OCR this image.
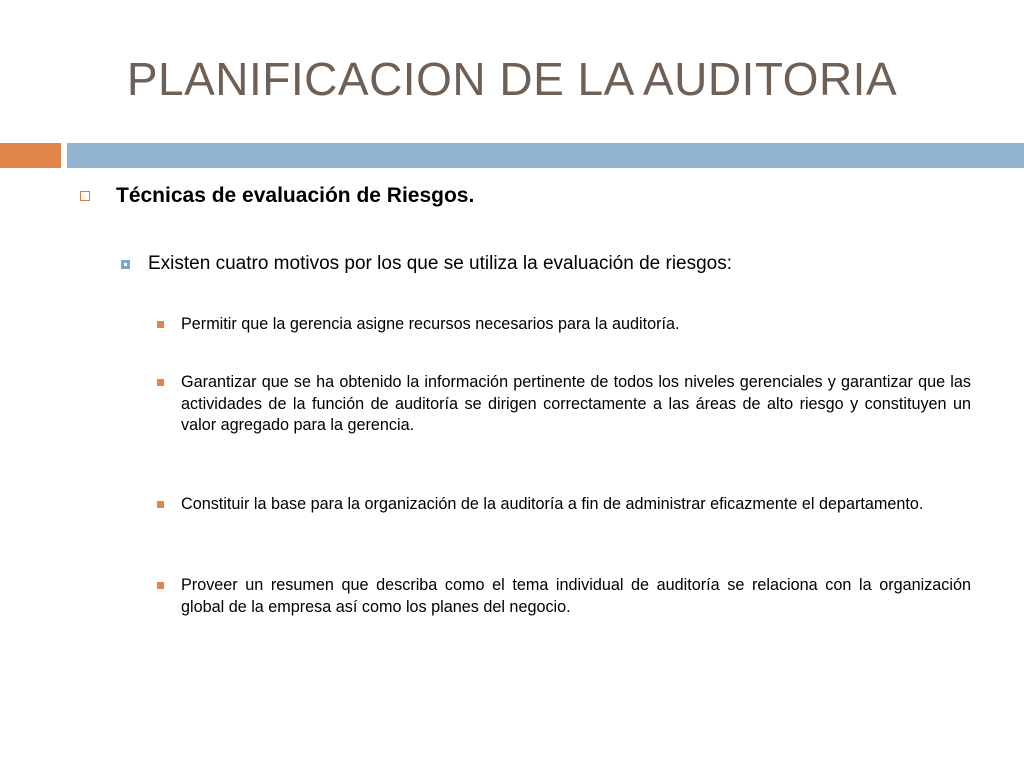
PLANIFICACION DE LA AUDITORIA
Técnicas de evaluación de Riesgos.
Existen cuatro motivos por los que se utiliza la evaluación de riesgos:
Permitir que la gerencia asigne recursos necesarios para la auditoría.
Garantizar que se ha obtenido la información pertinente de todos los niveles gerenciales y garantizar que las actividades de la función de auditoría se dirigen correctamente a las áreas de alto riesgo y constituyen un valor agregado para la gerencia.
Constituir la base para la organización de la auditoría a fin de administrar eficazmente el departamento.
Proveer un resumen que describa como el tema individual de auditoría se relaciona con la organización global de la empresa así como los planes del negocio.
